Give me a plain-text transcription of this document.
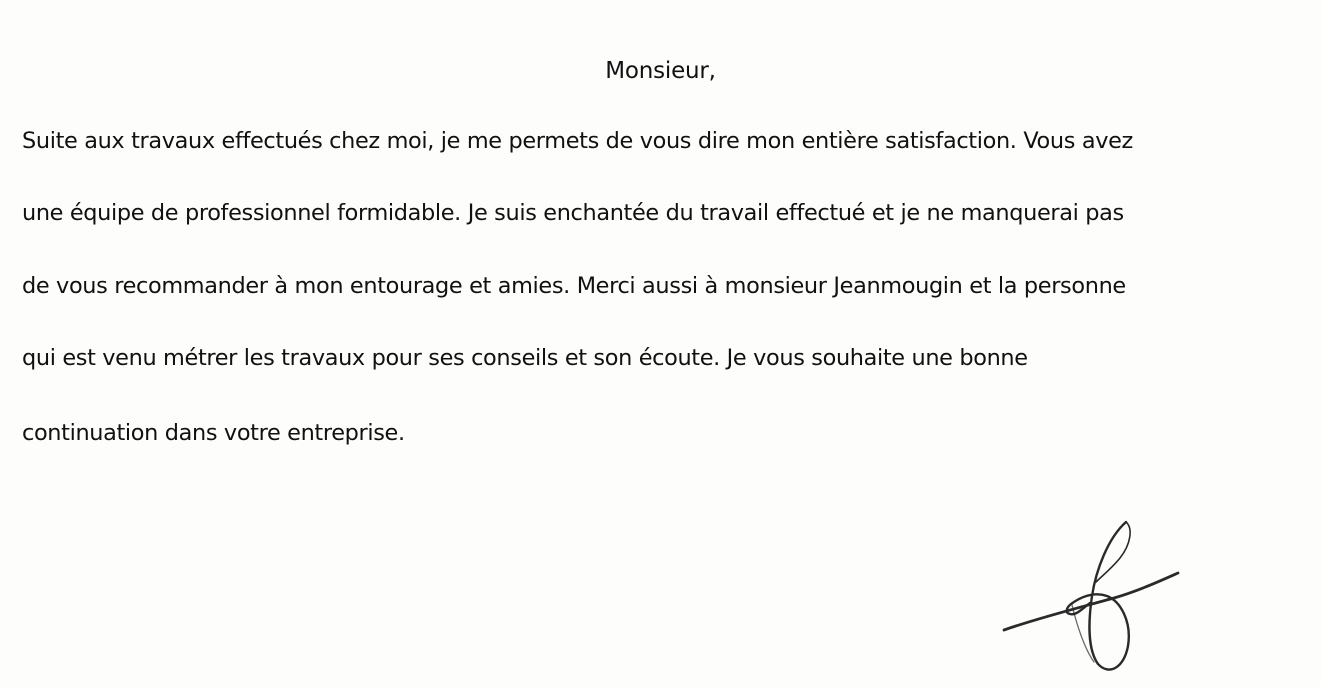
Monsieur,
Suite aux travaux effectués chez moi, je me permets de vous dire mon entière satisfaction. Vous avez
une équipe de professionnel formidable. Je suis enchantée du travail effectué et je ne manquerai pas
de vous recommander à mon entourage et amies. Merci aussi à monsieur Jeanmougin et la personne
qui est venu métrer les travaux pour ses conseils et son écoute. Je vous souhaite une bonne
continuation dans votre entreprise.
